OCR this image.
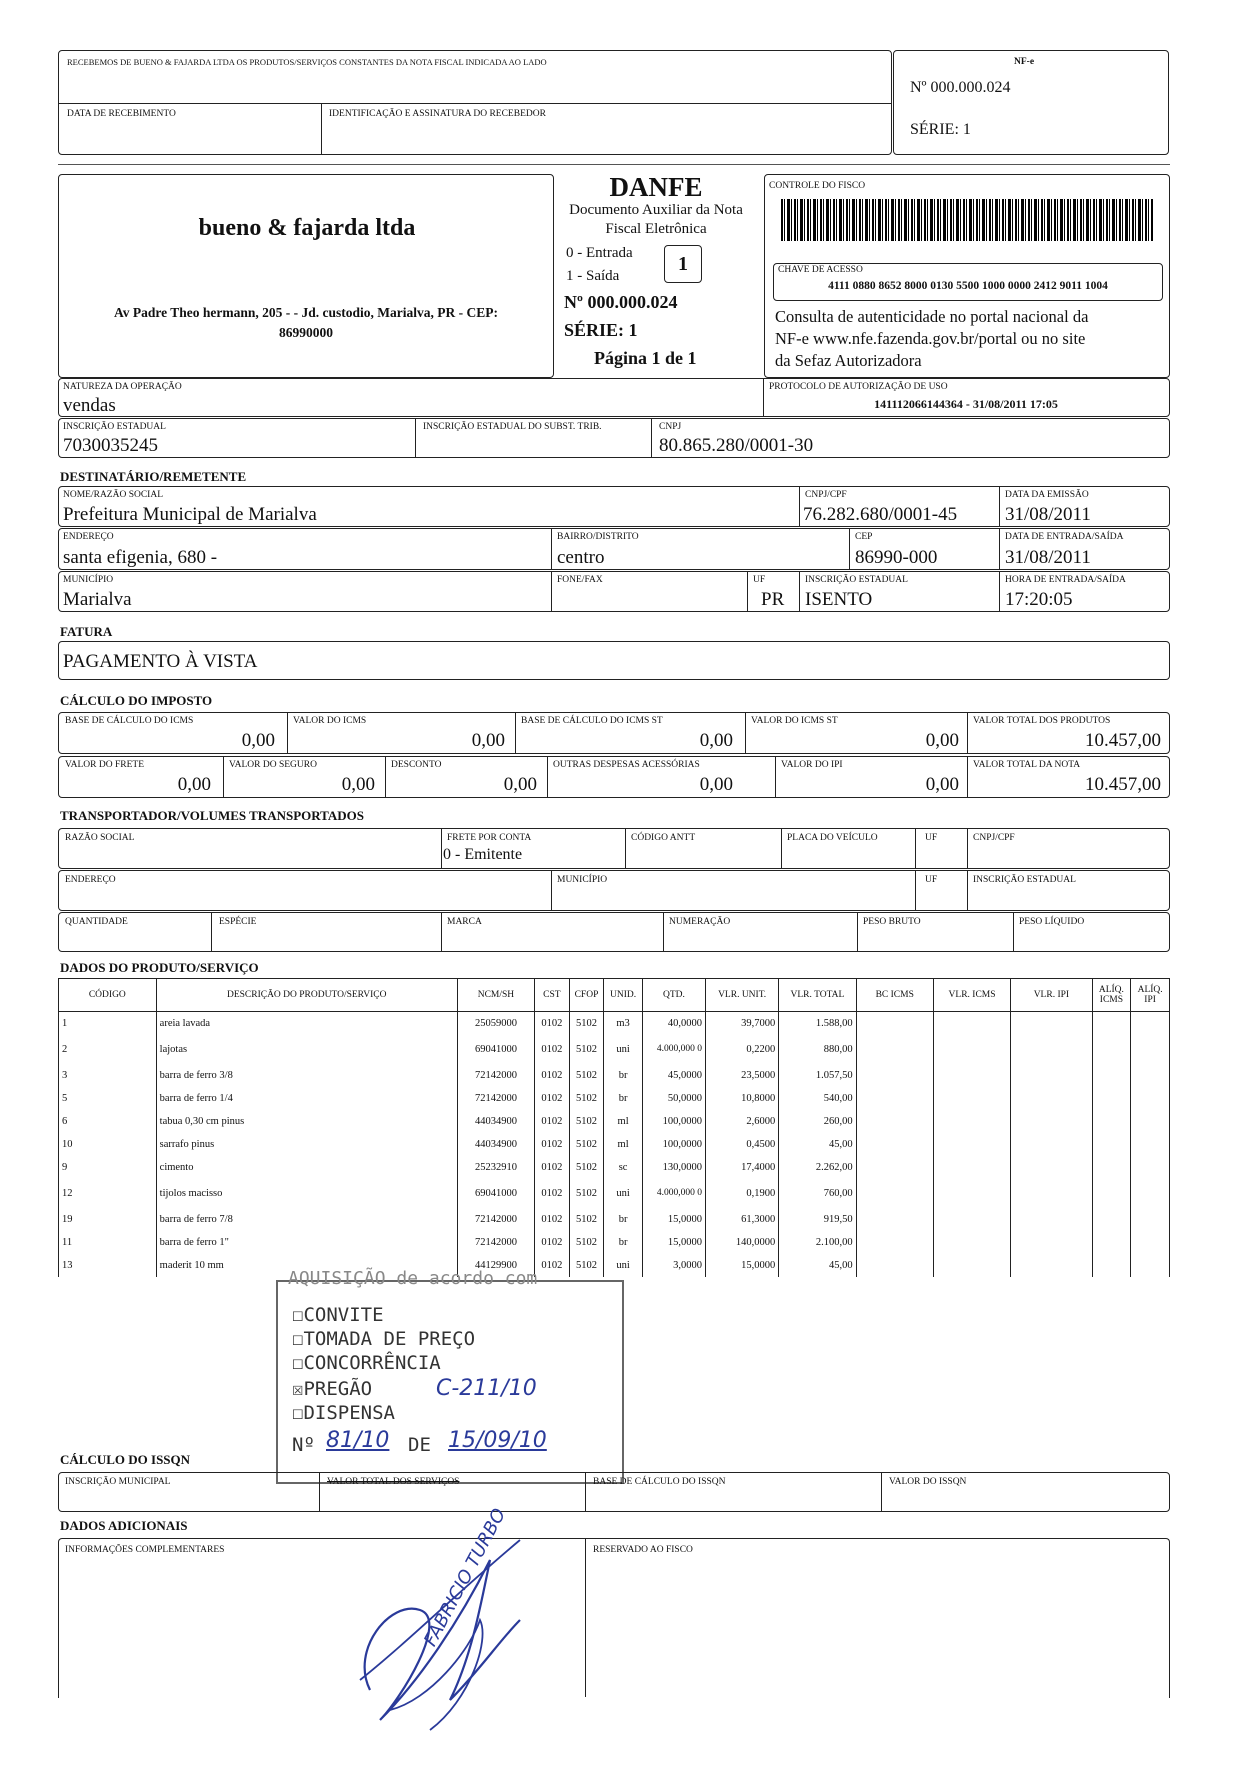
RECEBEMOS DE BUENO & FAJARDA LTDA OS PRODUTOS/SERVIÇOS CONSTANTES DA NOTA FISCAL INDICADA AO LADO
DATA DE RECEBIMENTO	IDENTIFICAÇÃO E ASSINATURA DO RECEBEDOR
NF-e
Nº 000.000.024
SÉRIE: 1
bueno & fajarda ltda
Av Padre Theo hermann, 205 - - Jd. custodio, Marialva, PR - CEP:
86990000
DANFE
Documento Auxiliar da Nota
Fiscal Eletrônica
0 - Entrada
1 - Saída
1
Nº 000.000.024
SÉRIE: 1
Página 1 de 1
CONTROLE DO FISCO
CHAVE DE ACESSO
4111 0880 8652 8000 0130 5500 1000 0000 2412 9011 1004
Consulta de autenticidade no portal nacional da
NF-e www.nfe.fazenda.gov.br/portal ou no site
da Sefaz Autorizadora
NATUREZA DA OPERAÇÃO
vendas
PROTOCOLO DE AUTORIZAÇÃO DE USO
141112066144364 - 31/08/2011 17:05
INSCRIÇÃO ESTADUAL
7030035245
INSCRIÇÃO ESTADUAL DO SUBST. TRIB.	CNPJ
80.865.280/0001-30
DESTINATÁRIO/REMETENTE
NOME/RAZÃO SOCIAL
Prefeitura Municipal de Marialva
CNPJ/CPF
76.282.680/0001-45
DATA DA EMISSÃO
31/08/2011
ENDEREÇO
santa efigenia, 680 -
BAIRRO/DISTRITO
centro
CEP
86990-000
DATA DE ENTRADA/SAÍDA
31/08/2011
MUNICÍPIO
Marialva
FONE/FAX	UF
PR
INSCRIÇÃO ESTADUAL
ISENTO
HORA DE ENTRADA/SAÍDA
17:20:05
FATURA
PAGAMENTO À VISTA
CÁLCULO DO IMPOSTO
BASE DE CÁLCULO DO ICMS
0,00
VALOR DO ICMS
0,00
BASE DE CÁLCULO DO ICMS ST
0,00
VALOR DO ICMS ST
0,00
VALOR TOTAL DOS PRODUTOS
10.457,00
VALOR DO FRETE
0,00
VALOR DO SEGURO
0,00
DESCONTO
0,00
OUTRAS DESPESAS ACESSÓRIAS
0,00
VALOR DO IPI
0,00
VALOR TOTAL DA NOTA
10.457,00
TRANSPORTADOR/VOLUMES TRANSPORTADOS
RAZÃO SOCIAL	FRETE POR CONTA
0 - Emitente
CÓDIGO ANTT	PLACA DO VEÍCULO	UF	CNPJ/CPF
ENDEREÇO	MUNICÍPIO	UF	INSCRIÇÃO ESTADUAL
QUANTIDADE	ESPÉCIE	MARCA	NUMERAÇÃO	PESO BRUTO	PESO LÍQUIDO
DADOS DO PRODUTO/SERVIÇO
CÓDIGO	DESCRIÇÃO DO PRODUTO/SERVIÇO	NCM/SH	CST	CFOP	UNID.	QTD.	VLR. UNIT.	VLR. TOTAL	BC ICMS	VLR. ICMS	VLR. IPI	ALÍQ. ICMS	ALÍQ. IPI
1	areia lavada	25059000	0102	5102	m3	40,0000	39,7000	1.588,00					
2	lajotas	69041000	0102	5102	uni	4.000,000 0	0,2200	880,00					
3	barra de ferro 3/8	72142000	0102	5102	br	45,0000	23,5000	1.057,50					
5	barra de ferro 1/4	72142000	0102	5102	br	50,0000	10,8000	540,00					
6	tabua 0,30 cm pinus	44034900	0102	5102	ml	100,0000	2,6000	260,00					
10	sarrafo pinus	44034900	0102	5102	ml	100,0000	0,4500	45,00					
9	cimento	25232910	0102	5102	sc	130,0000	17,4000	2.262,00					
12	tijolos macisso	69041000	0102	5102	uni	4.000,000 0	0,1900	760,00					
19	barra de ferro 7/8	72142000	0102	5102	br	15,0000	61,3000	919,50					
11	barra de ferro 1"	72142000	0102	5102	br	15,0000	140,0000	2.100,00					
13	maderit 10 mm	44129900	0102	5102	uni	3,0000	15,0000	45,00					
AQUISIÇÃO de acordo com
☐CONVITE
☐TOMADA DE PREÇO
☐CONCORRÊNCIA
☒PREGÃO	C-211/10
☐DISPENSA
Nº 81/10 DE 15/09/10
CÁLCULO DO ISSQN
INSCRIÇÃO MUNICIPAL	VALOR TOTAL DOS SERVIÇOS	BASE DE CÁLCULO DO ISSQN	VALOR DO ISSQN
DADOS ADICIONAIS
INFORMAÇÕES COMPLEMENTARES	RESERVADO AO FISCO
FABRICIO TURBO
